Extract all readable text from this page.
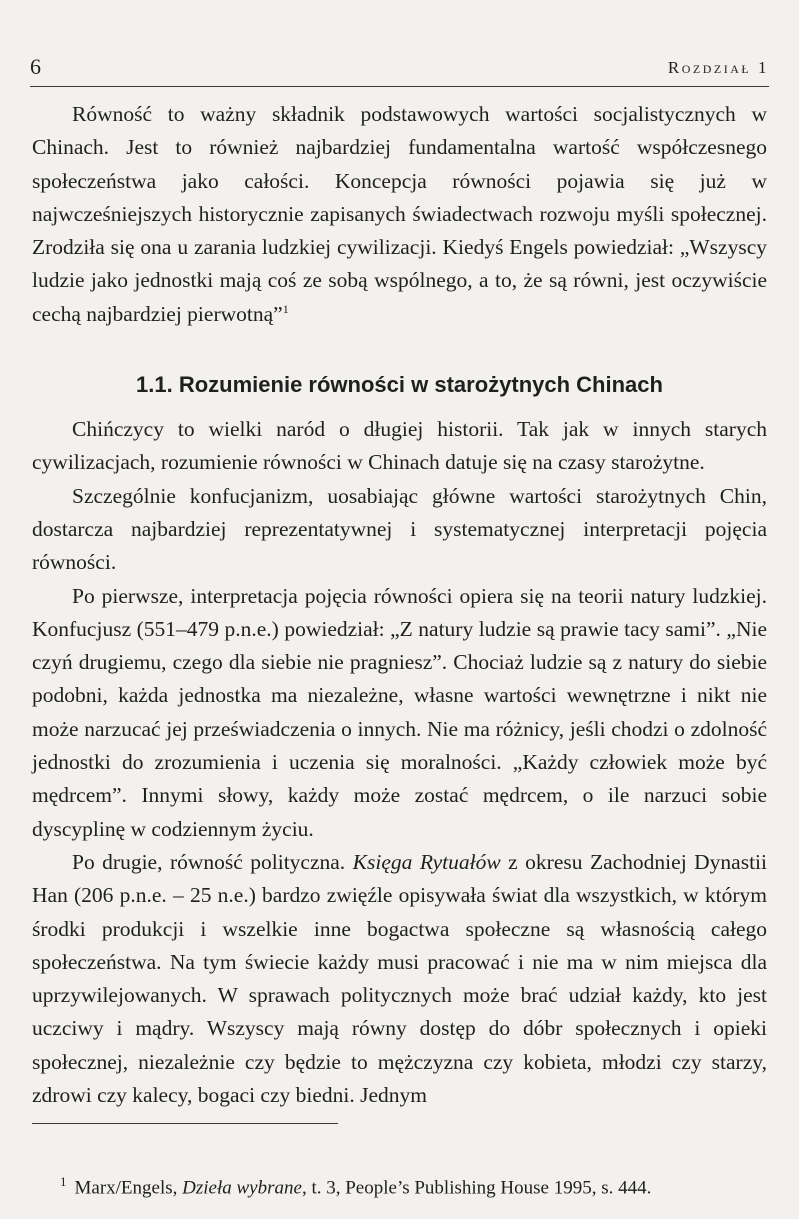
6	Rozdział 1

Równość to ważny składnik podstawowych wartości socjalistycznych w Chinach. Jest to również najbardziej fundamentalna wartość współczesnego społeczeństwa jako całości. Koncepcja równości pojawia się już w najwcześniejszych historycznie zapisanych świadectwach rozwoju myśli społecznej. Zrodziła się ona u zarania ludzkiej cywilizacji. Kiedyś Engels powiedział: „Wszyscy ludzie jako jednostki mają coś ze sobą wspólnego, a to, że są równi, jest oczywiście cechą najbardziej pierwotną”$^1$

1.1. Rozumienie równości w starożytnych Chinach

Chińczycy to wielki naród o długiej historii. Tak jak w innych starych cywilizacjach, rozumienie równości w Chinach datuje się na czasy starożytne.

Szczególnie konfucjanizm, uosabiając główne wartości starożytnych Chin, dostarcza najbardziej reprezentatywnej i systematycznej interpretacji pojęcia równości.

Po pierwsze, interpretacja pojęcia równości opiera się na teorii natury ludzkiej. Konfucjusz (551–479 p.n.e.) powiedział: „Z natury ludzie są prawie tacy sami”. „Nie czyń drugiemu, czego dla siebie nie pragniesz”. Chociaż ludzie są z natury do siebie podobni, każda jednostka ma niezależne, własne wartości wewnętrzne i nikt nie może narzucać jej przeświadczenia o innych. Nie ma różnicy, jeśli chodzi o zdolność jednostki do zrozumienia i uczenia się moralności. „Każdy człowiek może być mędrcem”. Innymi słowy, każdy może zostać mędrcem, o ile narzuci sobie dyscyplinę w codziennym życiu.

Po drugie, równość polityczna. Księga Rytuałów z okresu Zachodniej Dynastii Han (206 p.n.e. – 25 n.e.) bardzo zwięźle opisywała świat dla wszystkich, w którym środki produkcji i wszelkie inne bogactwa społeczne są własnością całego społeczeństwa. Na tym świecie każdy musi pracować i nie ma w nim miejsca dla uprzywilejowanych. W sprawach politycznych może brać udział każdy, kto jest uczciwy i mądry. Wszyscy mają równy dostęp do dóbr społecznych i opieki społecznej, niezależnie czy będzie to mężczyzna czy kobieta, młodzi czy starzy, zdrowi czy kalecy, bogaci czy biedni. Jednym

$^1$ Marx/Engels, Dzieła wybrane, t. 3, People’s Publishing House 1995, s. 444.
